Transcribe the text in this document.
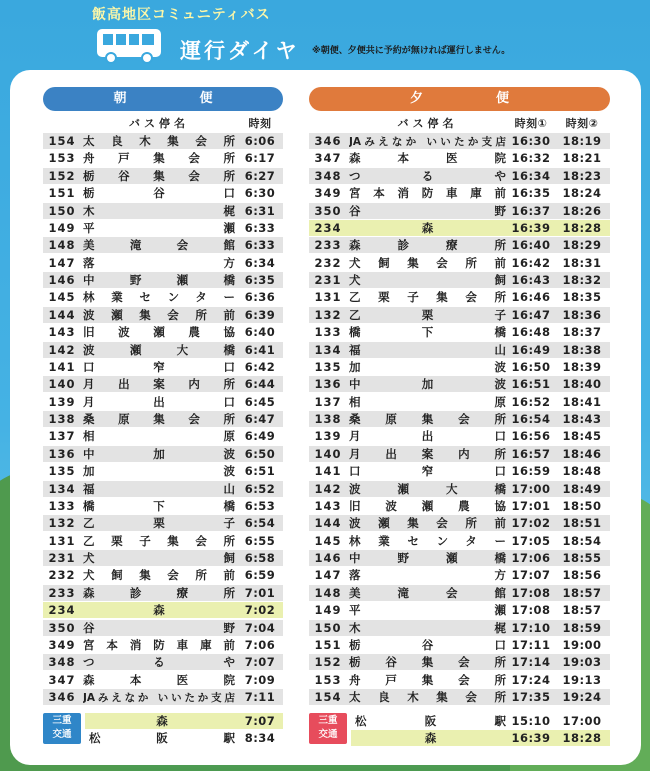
飯高地区コミュニティバス
運行ダイヤ ※朝便、夕便共に予約が無ければ運行しません。
朝　便
バス停名	時刻
154 太良木集会所 6:06
153 舟戸集会所 6:17
152 栃谷集会所 6:27
151 栃　谷　口 6:30
150 木　　梶 6:31
149 平　　瀬 6:33
148 美滝会館 6:33
147 落　　方 6:34
146 中野瀬橋 6:35
145 林業センター 6:36
144 波瀬集会所前 6:39
143 旧波瀬農協 6:40
142 波瀬大橋 6:41
141 口　窄　口 6:42
140 月出案内所 6:44
139 月　出　口 6:45
138 桑原集会所 6:47
137 相　　原 6:49
136 中　加　波 6:50
135 加　　波 6:51
134 福　　山 6:52
133 橋　下　橋 6:53
132 乙　栗　子 6:54
131 乙栗子集会所 6:55
231 犬　　飼 6:58
232 犬飼集会所前 6:59
233 森診療所 7:01
234	森	7:02
350 谷　　野 7:04
349 宮本消防車庫前 7:06
348 つ　る　や 7:07
347 森本医院 7:09
346 JAみえなか いいたか支店 7:11
夕　便
バス停名	時刻①	時刻②
346 JAみえなか いいたか支店 16:30	18:19
347 森本医院 16:32	18:21
348 つ　る　や 16:34	18:23
349 宮本消防車庫前 16:35	18:24
350 谷　　野 16:37	18:26
234	森	16:39	18:28
233 森診療所 16:40	18:29
232 犬飼集会所前 16:42	18:31
231 犬　　飼 16:43	18:32
131 乙栗子集会所 16:46	18:35
132 乙　栗　子 16:47	18:36
133 橋　下　橋 16:48	18:37
134 福　　山 16:49	18:38
135 加　　波 16:50	18:39
136 中　加　波 16:51	18:40
137 相　　原 16:52	18:41
138 桑原集会所 16:54	18:43
139 月　出　口 16:56	18:45
140 月出案内所 16:57	18:46
141 口　窄　口 16:59	18:48
142 波瀬大橋 17:00	18:49
143 旧波瀬農協 17:01	18:50
144 波瀬集会所前 17:02	18:51
145 林業センター 17:05	18:54
146 中野瀬橋 17:06	18:55
147 落　　方 17:07	18:56
148 美滝会館 17:08	18:57
149 平　　瀬 17:08	18:57
150 木　　梶 17:10	18:59
151 栃　谷　口 17:11	19:00
152 栃谷集会所 17:14	19:03
153 舟戸集会所 17:24	19:13
154 太良木集会所 17:35	19:24
三重
交通
三重
交通
森	7:07
松　阪　駅 8:34
松　阪　駅 15:10	17:00
森	16:39	18:28
